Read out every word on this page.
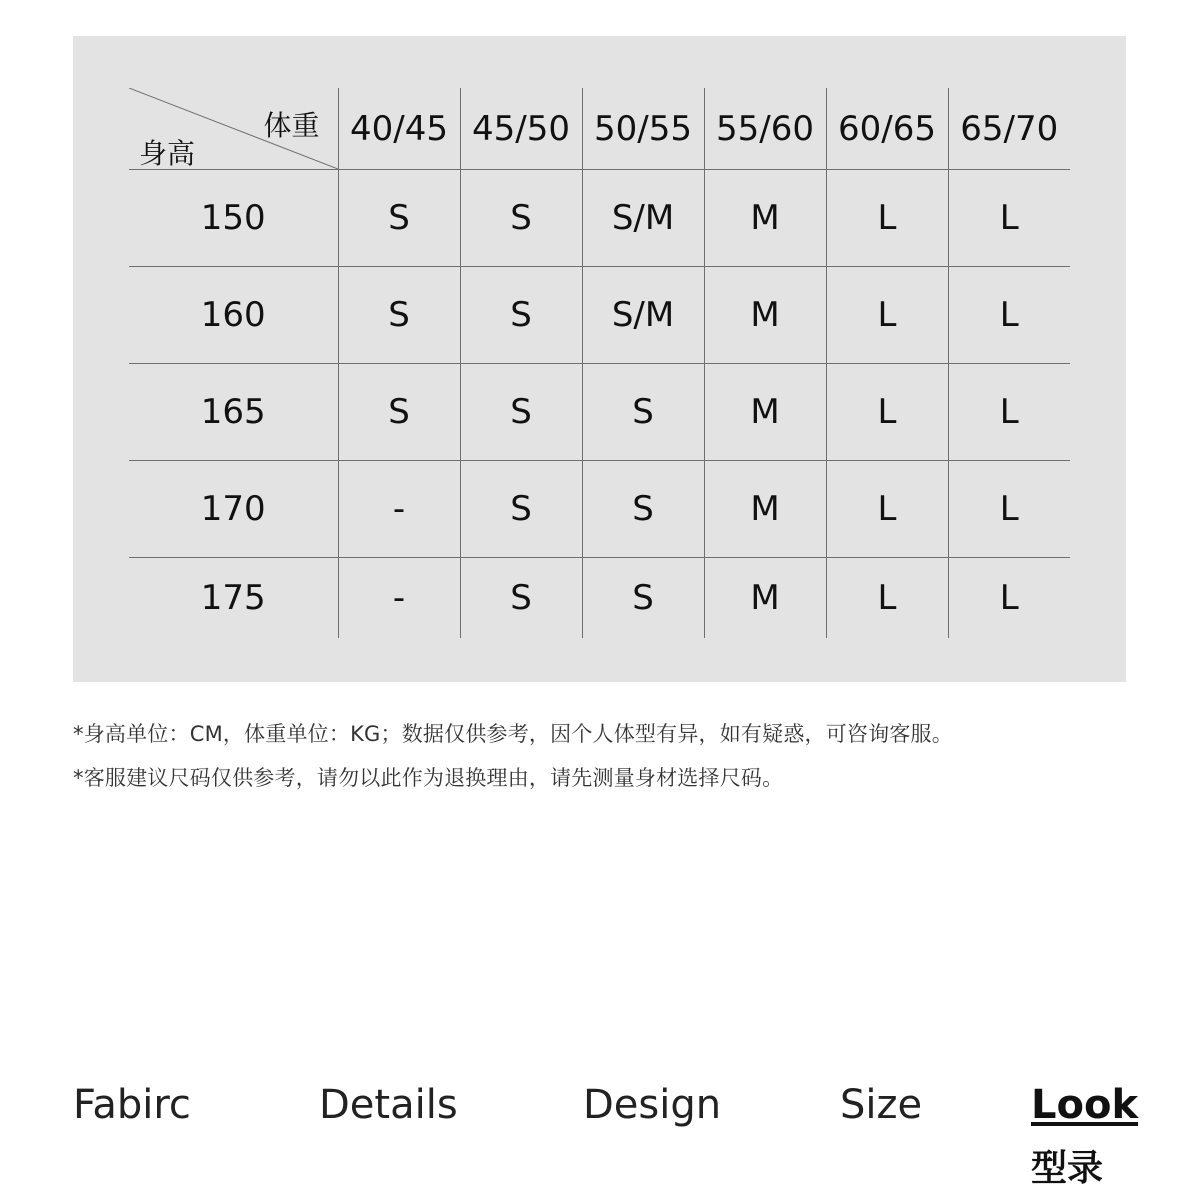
体重
身高	40/45	45/50	50/55	55/60	60/65	65/70
150	S	S	S/M	M	L	L
160	S	S	S/M	M	L	L
165	S	S	S	M	L	L
170	-	S	S	M	L	L
175	-	S	S	M	L	L
*身高单位：CM，体重单位：KG；数据仅供参考，因个人体型有异，如有疑惑，可咨询客服。
*客服建议尺码仅供参考，请勿以此作为退换理由，请先测量身材选择尺码。
Fabirc	Details	Design	Size	Look
型录
